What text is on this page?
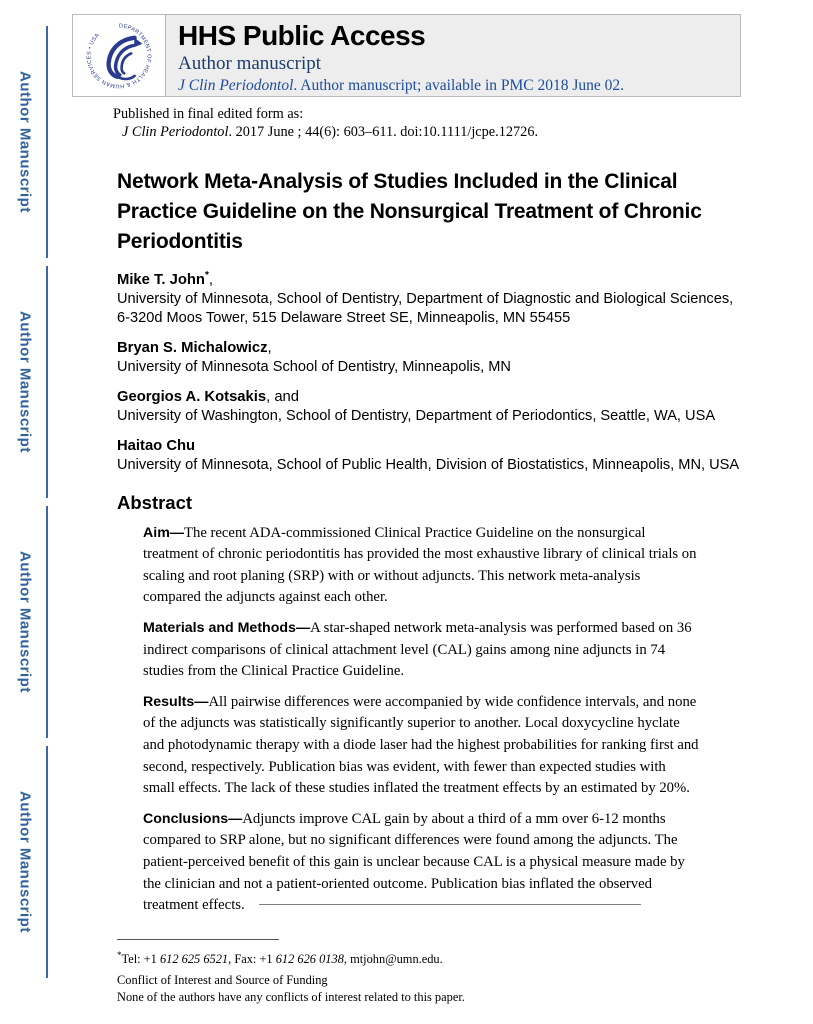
Author Manuscript
Author Manuscript
Author Manuscript
Author Manuscript
DEPARTMENT OF HEALTH & HUMAN SERVICES • USA	HHS Public Access
Author manuscript
J Clin Periodontol. Author manuscript; available in PMC 2018 June 02.
Published in final edited form as:
J Clin Periodontol. 2017 June ; 44(6): 603–611. doi:10.1111/jcpe.12726.
Network Meta-Analysis of Studies Included in the Clinical Practice Guideline on the Nonsurgical Treatment of Chronic Periodontitis
Mike T. John*,
University of Minnesota, School of Dentistry, Department of Diagnostic and Biological Sciences, 6-320d Moos Tower, 515 Delaware Street SE, Minneapolis, MN 55455
Bryan S. Michalowicz,
University of Minnesota School of Dentistry, Minneapolis, MN
Georgios A. Kotsakis, and
University of Washington, School of Dentistry, Department of Periodontics, Seattle, WA, USA
Haitao Chu
University of Minnesota, School of Public Health, Division of Biostatistics, Minneapolis, MN, USA
Abstract
Aim—The recent ADA-commissioned Clinical Practice Guideline on the nonsurgical treatment of chronic periodontitis has provided the most exhaustive library of clinical trials on scaling and root planing (SRP) with or without adjuncts. This network meta-analysis compared the adjuncts against each other.
Materials and Methods—A star-shaped network meta-analysis was performed based on 36 indirect comparisons of clinical attachment level (CAL) gains among nine adjuncts in 74 studies from the Clinical Practice Guideline.
Results—All pairwise differences were accompanied by wide confidence intervals, and none of the adjuncts was statistically significantly superior to another. Local doxycycline hyclate and photodynamic therapy with a diode laser had the highest probabilities for ranking first and second, respectively. Publication bias was evident, with fewer than expected studies with small effects. The lack of these studies inflated the treatment effects by an estimated by 20%.
Conclusions—Adjuncts improve CAL gain by about a third of a mm over 6-12 months compared to SRP alone, but no significant differences were found among the adjuncts. The patient-perceived benefit of this gain is unclear because CAL is a physical measure made by the clinician and not a patient-oriented outcome. Publication bias inflated the observed treatment effects.
*Tel: +1 612 625 6521, Fax: +1 612 626 0138, mtjohn@umn.edu.
Conflict of Interest and Source of Funding
None of the authors have any conflicts of interest related to this paper.
